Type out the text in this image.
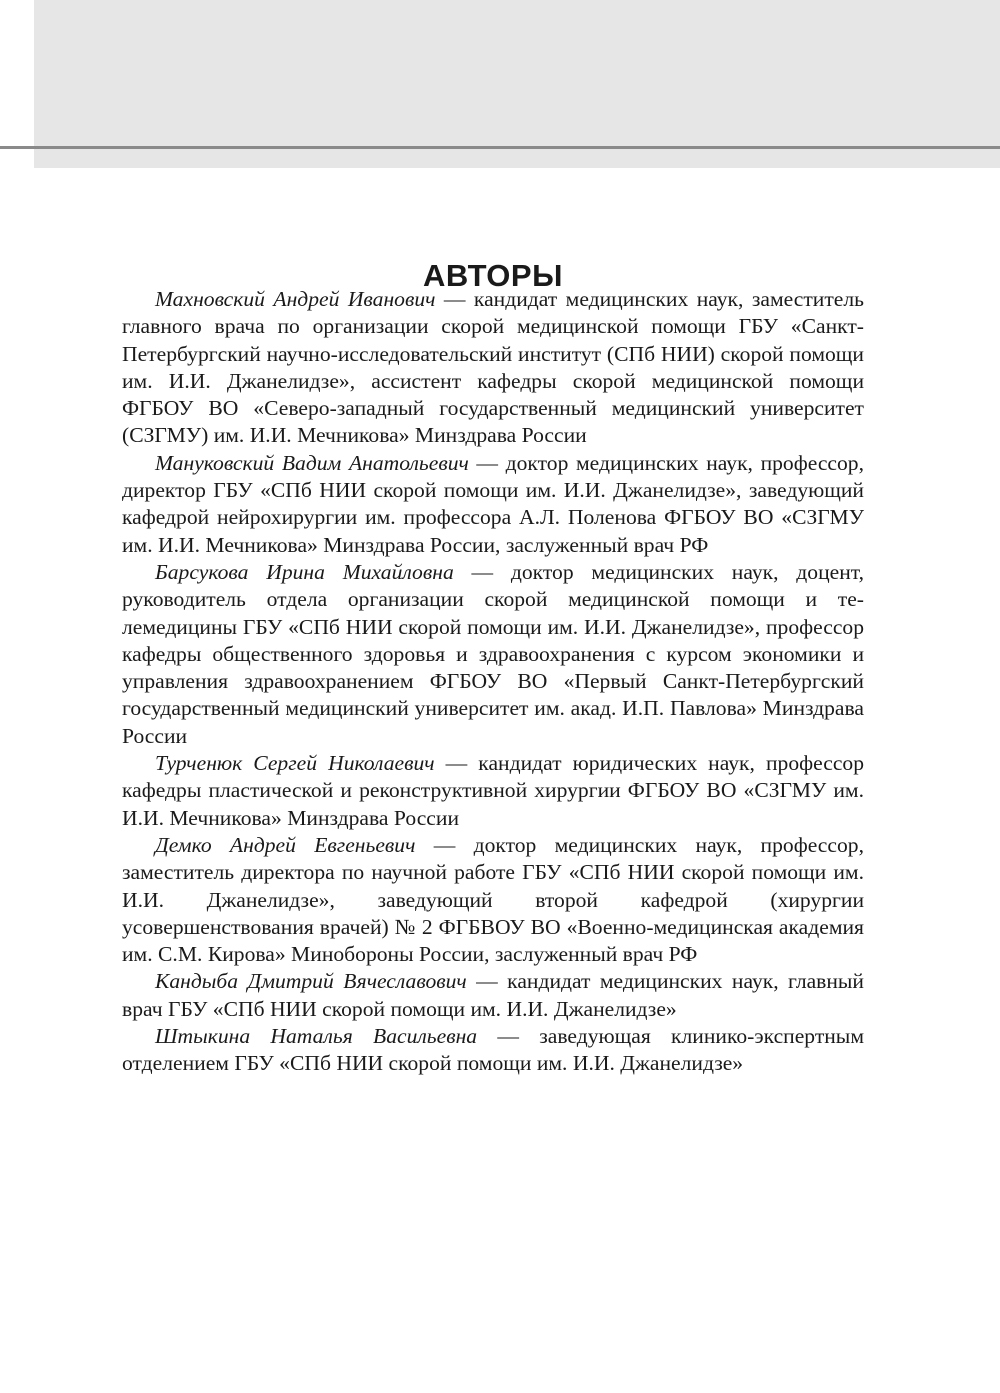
АВТОРЫ

Махновский Андрей Иванович — кандидат медицинских наук, заместитель главного врача по организации скорой медицинской помощи ГБУ «Санкт-Петербургский научно-исследовательский институт (СПб НИИ) скорой помощи им. И.И. Джанелидзе», ассистент кафедры скорой медицинской помощи ФГБОУ ВО «Северо-западный государственный медицинский университет (СЗГМУ) им. И.И. Мечникова» Минздрава России

Мануковский Вадим Анатольевич — доктор медицинских наук, профессор, директор ГБУ «СПб НИИ скорой помощи им. И.И. Джанелидзе», заведующий кафедрой нейрохирургии им. профессора А.Л. Поленова ФГБОУ ВО «СЗГМУ им. И.И. Мечникова» Минздрава России, заслуженный врач РФ

Барсукова Ирина Михайловна — доктор медицинских наук, доцент, руководитель отдела организации скорой медицинской помощи и телемедицины ГБУ «СПб НИИ скорой помощи им. И.И. Джанелидзе», профессор кафедры общественного здоровья и здравоохранения с курсом экономики и управления здравоохранением ФГБОУ ВО «Первый Санкт-Петербургский государственный медицинский университет им. акад. И.П. Павлова» Минздрава России

Турченюк Сергей Николаевич — кандидат юридических наук, профессор кафедры пластической и реконструктивной хирургии ФГБОУ ВО «СЗГМУ им. И.И. Мечникова» Минздрава России

Демко Андрей Евгеньевич — доктор медицинских наук, профессор, заместитель директора по научной работе ГБУ «СПб НИИ скорой помощи им. И.И. Джанелидзе», заведующий второй кафедрой (хирургии усовершенствования врачей) № 2 ФГБВОУ ВО «Военно-медицинская академия им. С.М. Кирова» Минобороны России, заслуженный врач РФ

Кандыба Дмитрий Вячеславович — кандидат медицинских наук, главный врач ГБУ «СПб НИИ скорой помощи им. И.И. Джанелидзе»

Штыкина Наталья Васильевна — заведующая клинико-экспертным отделением ГБУ «СПб НИИ скорой помощи им. И.И. Джанелидзе»
